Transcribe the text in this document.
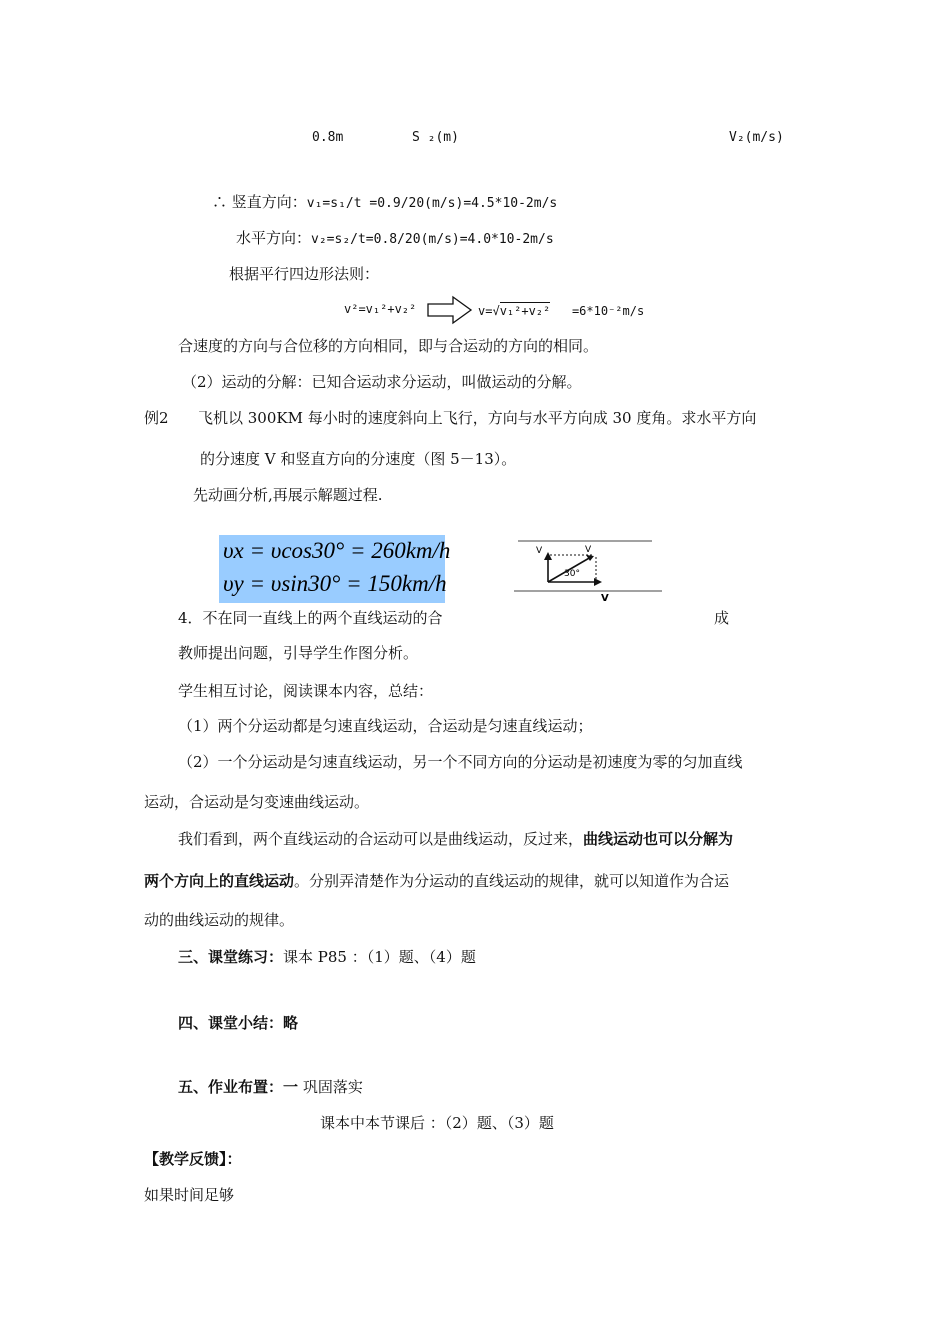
0.8m	S ₂(m)	V₂(m/s)
∴ 竖直方向：v₁=s₁/t =0.9/20(m/s)=4.5*10-2m/s
水平方向：v₂=s₂/t=0.8/20(m/s)=4.0*10-2m/s
根据平行四边形法则：
v²=v₁²+v₂²	v=√v₁²+v₂² =6*10⁻²m/s
合速度的方向与合位移的方向相同，即与合运动的方向的相同。
（2）运动的分解：已知合运动求分运动，叫做运动的分解。
例2 飞机以 300KM 每小时的速度斜向上飞行，方向与水平方向成 30 度角。求水平方向
的分速度 V 和竖直方向的分速度（图 5－13）。
先动画分析,再展示解题过程.
υx = υcos30° = 260km/h
υy = υsin30° = 150km/h
V	V
30°
V
4．不在同一直线上的两个直线运动的合	成
教师提出问题，引导学生作图分析。
学生相互讨论，阅读课本内容，总结：
（1）两个分运动都是匀速直线运动，合运动是匀速直线运动；
（2）一个分运动是匀速直线运动，另一个不同方向的分运动是初速度为零的匀加直线
运动，合运动是匀变速曲线运动。
我们看到，两个直线运动的合运动可以是曲线运动，反过来，曲线运动也可以分解为
两个方向上的直线运动。分别弄清楚作为分运动的直线运动的规律，就可以知道作为合运
动的曲线运动的规律。
三、课堂练习：课本 P85 ：（1）题、（4）题
四、课堂小结：略
五、作业布置：一 巩固落实
课本中本节课后 ：（2）题、（3）题
【教学反馈】：
如果时间足够
